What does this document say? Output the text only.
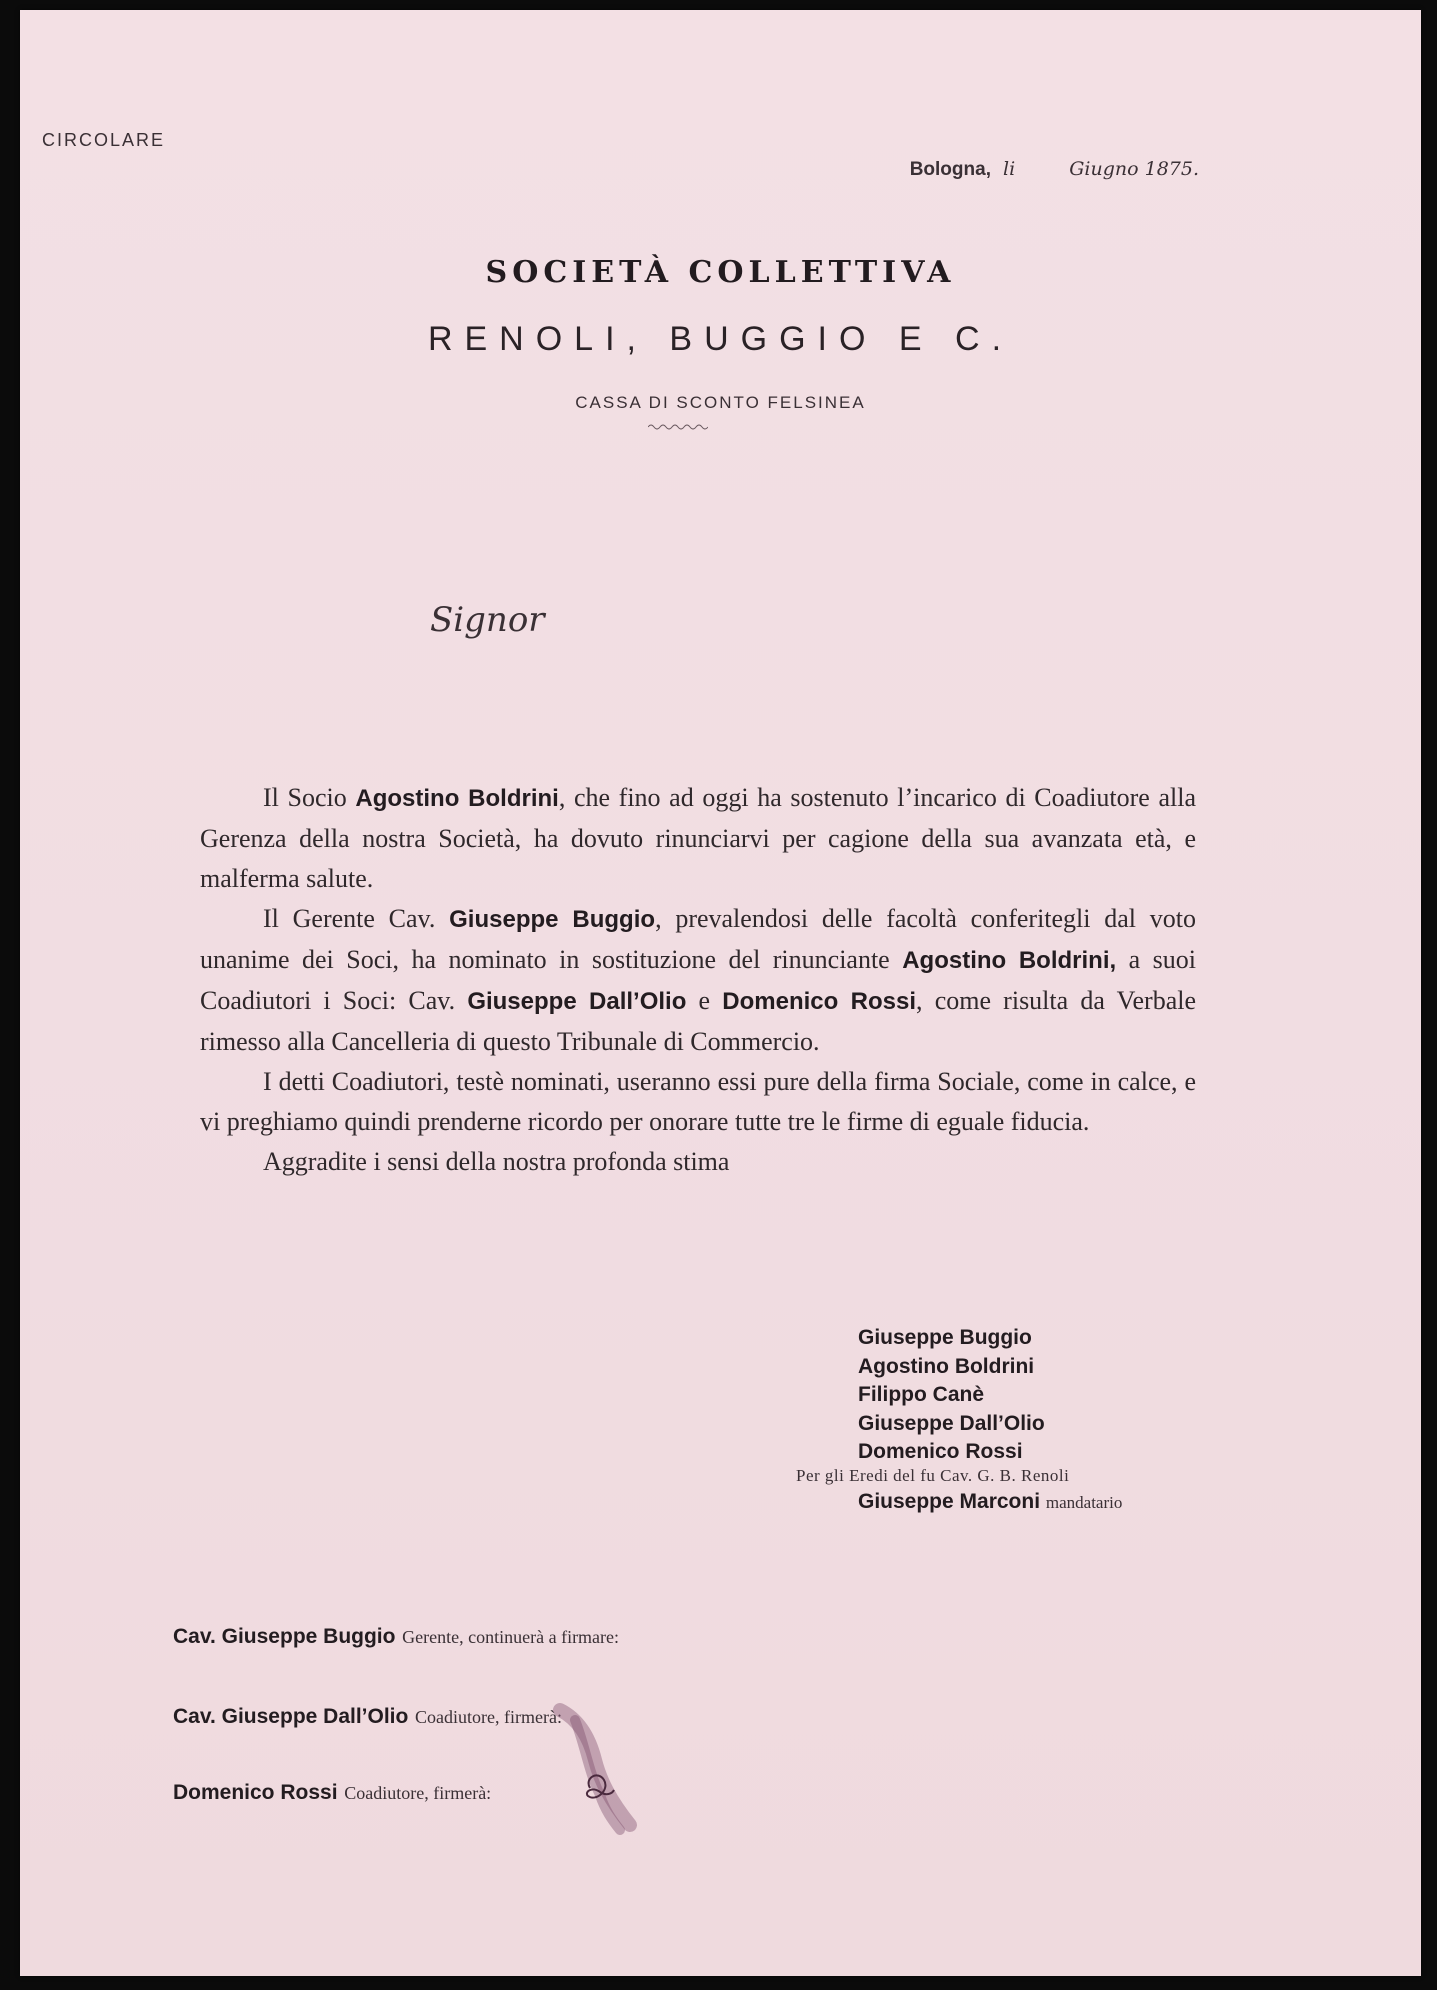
CIRCOLARE
Bologna, li	Giugno 1875.
SOCIETÀ COLLETTIVA
RENOLI, BUGGIO E C.
CASSA DI SCONTO FELSINEA
Signor

Il Socio Agostino Boldrini, che fino ad oggi ha sostenuto l’incarico di Coadiutore alla Gerenza della nostra Società, ha dovuto rinunciarvi per cagione della sua avanzata età, e malferma salute.

Il Gerente Cav. Giuseppe Buggio, prevalendosi delle facoltà conferitegli dal voto unanime dei Soci, ha nominato in sostituzione del rinunciante Agostino Boldrini, a suoi Coadiutori i Soci: Cav. Giuseppe Dall’Olio e Domenico Rossi, come risulta da Verbale rimesso alla Cancelleria di questo Tribunale di Commercio.

I detti Coadiutori, testè nominati, useranno essi pure della firma Sociale, come in calce, e vi preghiamo quindi prenderne ricordo per onorare tutte tre le firme di eguale fiducia.

Aggradite i sensi della nostra profonda stima

Giuseppe Buggio
Agostino Boldrini
Filippo Canè
Giuseppe Dall’Olio
Domenico Rossi
Per gli Eredi del fu Cav. G. B. Renoli
Giuseppe Marconi mandatario
Cav. Giuseppe Buggio Gerente, continuerà a firmare:
Cav. Giuseppe Dall’Olio Coadiutore, firmerà:
Domenico Rossi Coadiutore, firmerà:
